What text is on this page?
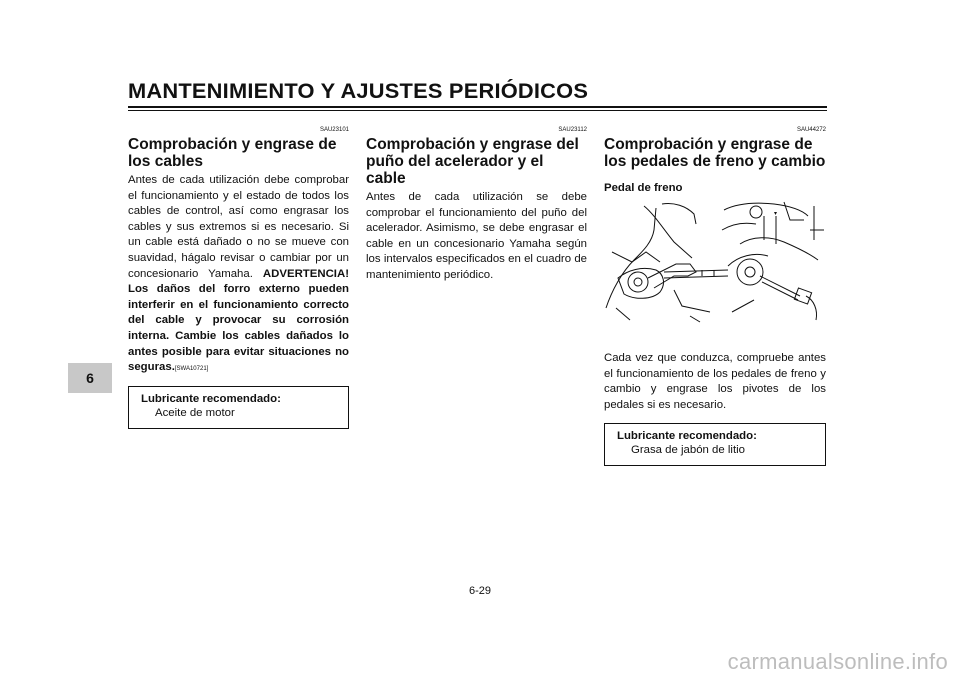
MANTENIMIENTO Y AJUSTES PERIÓDICOS
6
SAU23101
Comprobación y engrase de los cables
Antes de cada utilización debe comprobar el funcionamiento y el estado de todos los cables de control, así como engrasar los cables y sus extremos si es necesario. Si un cable está dañado o no se mueve con suavidad, hágalo revisar o cambiar por un concesionario Yamaha. ADVERTENCIA! Los daños del forro externo pueden interferir en el funcionamiento correcto del cable y provocar su corrosión interna. Cambie los cables dañados lo antes posible para evitar situaciones no seguras.[SWA10721]
Lubricante recomendado:
Aceite de motor
SAU23112
Comprobación y engrase del puño del acelerador y el cable
Antes de cada utilización se debe comprobar el funcionamiento del puño del acelerador. Asimismo, se debe engrasar el cable en un concesionario Yamaha según los intervalos especificados en el cuadro de mantenimiento periódico.
SAU44272
Comprobación y engrase de los pedales de freno y cambio
Pedal de freno
Cada vez que conduzca, compruebe antes el funcionamiento de los pedales de freno y cambio y engrase los pivotes de los pedales si es necesario.
Lubricante recomendado:
Grasa de jabón de litio
6-29
carmanualsonline.info
